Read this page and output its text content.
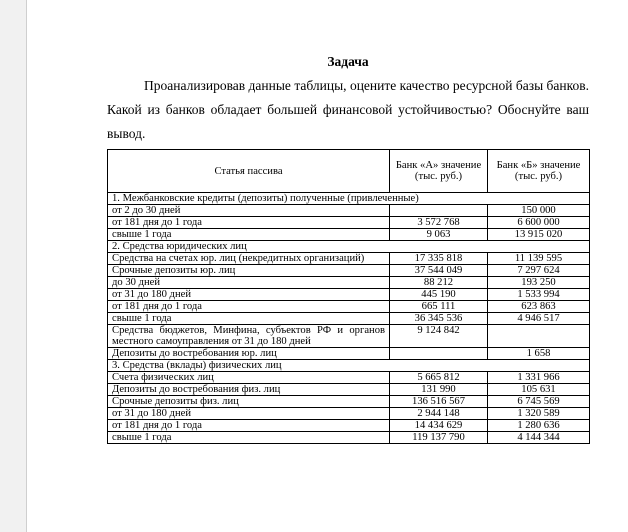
Задача
Проанализировав данные таблицы, оцените качество ресурсной базы банков. Какой из банков обладает большей финансовой устойчивостью? Обоснуйте ваш вывод.
Статья пассива	Банк «А» значение (тыс. руб.)	Банк «Б» значение (тыс. руб.)
1. Межбанковские кредиты (депозиты) полученные (привлеченные)		
от 2 до 30 дней		150 000
от 181 дня до 1 года	3 572 768	6 600 000
свыше 1 года	9 063	13 915 020
2. Средства юридических лиц		
Средства на счетах юр. лиц (некредитных организаций)	17 335 818	11 139 595
Срочные депозиты юр. лиц	37 544 049	7 297 624
до 30 дней	88 212	193 250
от 31 до 180 дней	445 190	1 533 994
от 181 дня до 1 года	665 111	623 863
свыше 1 года	36 345 536	4 946 517
Средства бюджетов, Минфина, субъектов РФ и органов местного самоуправления от 31 до 180 дней	9 124 842	
Депозиты до востребования юр. лиц		1 658
3. Средства (вклады) физических лиц		
Счета физических лиц	5 665 812	1 331 966
Депозиты до востребования физ. лиц	131 990	105 631
Срочные депозиты физ. лиц	136 516 567	6 745 569
от 31 до 180 дней	2 944 148	1 320 589
от 181 дня до 1 года	14 434 629	1 280 636
свыше 1 года	119 137 790	4 144 344
